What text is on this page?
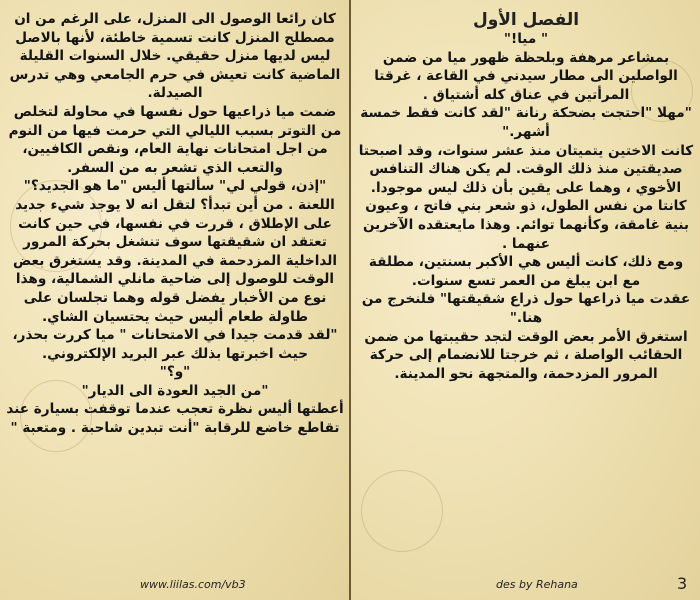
كان رائعا الوصول الى المنزل، على الرغم من ان مصطلح المنزل كانت تسمية خاطئة، لأنها بالاصل ليس لديها منزل حقيقي. خلال السنوات القليلة الماضية كانت تعيش في حرم الجامعي وهي تدرس الصيدلة.

ضمت ميا ذراعيها حول نفسها في محاولة لتخلص من التوتر بسبب الليالي التي حرمت فيها من النوم من اجل امتحانات نهاية العام، ونقص الكافيين، والتعب الذي تشعر به من السفر.

"إذن، قولي لي" سألتها أليس "ما هو الجديد؟"

اللعنة . من أين تبدأ؟ لتقل انه لا يوجد شيء جديد على الإطلاق ، قررت في نفسها، في حين كانت تعتقد ان شقيقتها سوف تنشغل بحركة المرور الداخلية المزدحمة في المدينة. وقد يستغرق بعض الوقت للوصول إلى ضاحية مانلي الشمالية، وهذا نوع من الأخبار يفضل قوله وهما تجلسان على طاولة طعام أليس حيث يحتسيان الشاي.

"لقد قدمت جيدا في الامتحانات " ميا كررت بحذر، حيث اخبرتها بذلك عبر البريد الإلكتروني.

"و؟"

"من الجيد العودة الى الديار"

أعطتها أليس نظرة تعجب عندما توقفت بسيارة عند تقاطع خاضع للرقابة "أنت تبدين شاحبة . ومتعبة "

الفصل الأول

" ميا!"

بمشاعر مرهفة وبلحظة ظهور ميا من ضمن الواصلين الى مطار سيدني في القاعة ، غرقتا المرأتين في عناق كله أشتياق .

"مهلا "احتجت بضحكة رنانة "لقد كانت فقط خمسة أشهر."

كانت الاختين يتميتان منذ عشر سنوات، وقد اصبحتا صديقتين منذ ذلك الوقت. لم يكن هناك التنافس الأخوي ، وهما على يقين بأن ذلك ليس موجودا.

كانتا من نفس الطول، ذو شعر بني فاتح ، وعيون بنية غامقة، وكأنهما توائم. وهذا مايعتقده الآخرين عنهما .

ومع ذلك، كانت أليس هي الأكبر بسنتين، مطلقة مع ابن يبلغ من العمر تسع سنوات.

عقدت ميا ذراعها حول ذراع شقيقتها" فلنخرج من هنا."

استغرق الأمر بعض الوقت لتجد حقيبتها من ضمن الحقائب الواصلة ، ثم خرجتا للانضمام إلى حركة المرور المزدحمة، والمتجهة نحو المدينة.

www.liilas.com/vb3	des by Rehana	3
